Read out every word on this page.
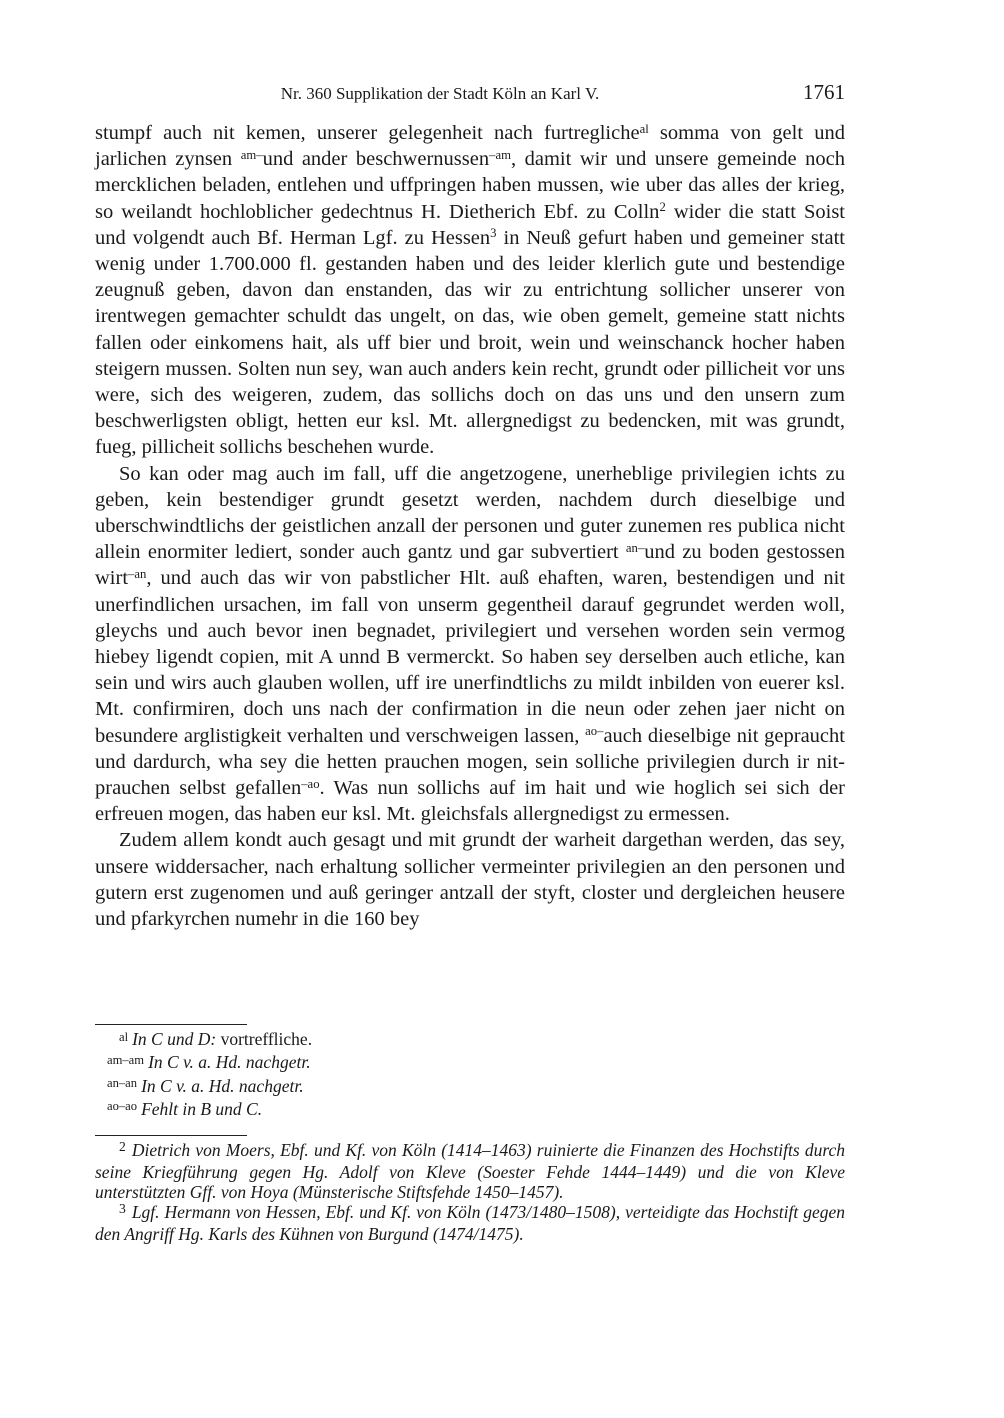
Nr. 360 Supplikation der Stadt Köln an Karl V.	1761

stumpf auch nit kemen, unserer gelegenheit nach furtregliche$^{al}$ somma von gelt und jarlichen zynsen $^{am-}$und ander beschwernussen$^{-am}$, damit wir und unsere gemeinde noch mercklichen beladen, entlehen und uffpringen haben mussen, wie uber das alles der krieg, so weilandt hochloblicher gedechtnus H. Dietherich Ebf. zu Colln$^2$ wider die statt Soist und volgendt auch Bf. Herman Lgf. zu Hessen$^3$ in Neuß gefurt haben und gemeiner statt wenig under 1.700.000 fl. gestanden haben und des leider klerlich gute und bestendige zeugnuß geben, davon dan enstanden, das wir zu entrichtung sollicher unserer von irentwegen gemachter schuldt das ungelt, on das, wie oben gemelt, gemeine statt nichts fallen oder einkomens hait, als uff bier und broit, wein und weinschanck hocher haben steigern mussen. Solten nun sey, wan auch anders kein recht, grundt oder pillicheit vor uns were, sich des weigeren, zudem, das sollichs doch on das uns und den unsern zum beschwerligsten obligt, hetten eur ksl. Mt. allergnedigst zu bedencken, mit was grundt, fueg, pillicheit sollichs beschehen wurde.

So kan oder mag auch im fall, uff die angetzogene, unerheblige privilegien ichts zu geben, kein bestendiger grundt gesetzt werden, nachdem durch dieselbige und uberschwindtlichs der geistlichen anzall der personen und guter zunemen res publica nicht allein enormiter lediert, sonder auch gantz und gar subvertiert $^{an-}$und zu boden gestossen wirt$^{-an}$, und auch das wir von pabstlicher Hlt. auß ehaften, waren, bestendigen und nit unerfindlichen ursachen, im fall von unserm gegentheil darauf gegrundet werden woll, gleychs und auch bevor inen begnadet, privilegiert und versehen worden sein vermog hiebey ligendt copien, mit A unnd B vermerckt. So haben sey derselben auch etliche, kan sein und wirs auch glauben wollen, uff ire unerfindtlichs zu mildt inbilden von euerer ksl. Mt. confirmiren, doch uns nach der confirmation in die neun oder zehen jaer nicht on besundere arglistigkeit verhalten und verschweigen lassen, $^{ao-}$auch dieselbige nit gepraucht und dardurch, wha sey die hetten prauchen mogen, sein solliche privilegien durch ir nit-prauchen selbst gefallen$^{-ao}$. Was nun sollichs auf im hait und wie hoglich sei sich der erfreuen mogen, das haben eur ksl. Mt. gleichsfals allergnedigst zu ermessen.

Zudem allem kondt auch gesagt und mit grundt der warheit dargethan werden, das sey, unsere widdersacher, nach erhaltung sollicher vermeinter privilegien an den personen und gutern erst zugenomen und auß geringer antzall der styft, closter und dergleichen heusere und pfarkyrchen numehr in die 160 bey

$^{al}$ In C und D: vortreffliche.
$^{am-am}$ In C v. a. Hd. nachgetr.
$^{an-an}$ In C v. a. Hd. nachgetr.
$^{ao-ao}$ Fehlt in B und C.
$^2$ Dietrich von Moers, Ebf. und Kf. von Köln (1414–1463) ruinierte die Finanzen des Hochstifts durch seine Kriegführung gegen Hg. Adolf von Kleve (Soester Fehde 1444–1449) und die von Kleve unterstützten Gff. von Hoya (Münsterische Stiftsfehde 1450–1457).
$^3$ Lgf. Hermann von Hessen, Ebf. und Kf. von Köln (1473/1480–1508), verteidigte das Hochstift gegen den Angriff Hg. Karls des Kühnen von Burgund (1474/1475).
